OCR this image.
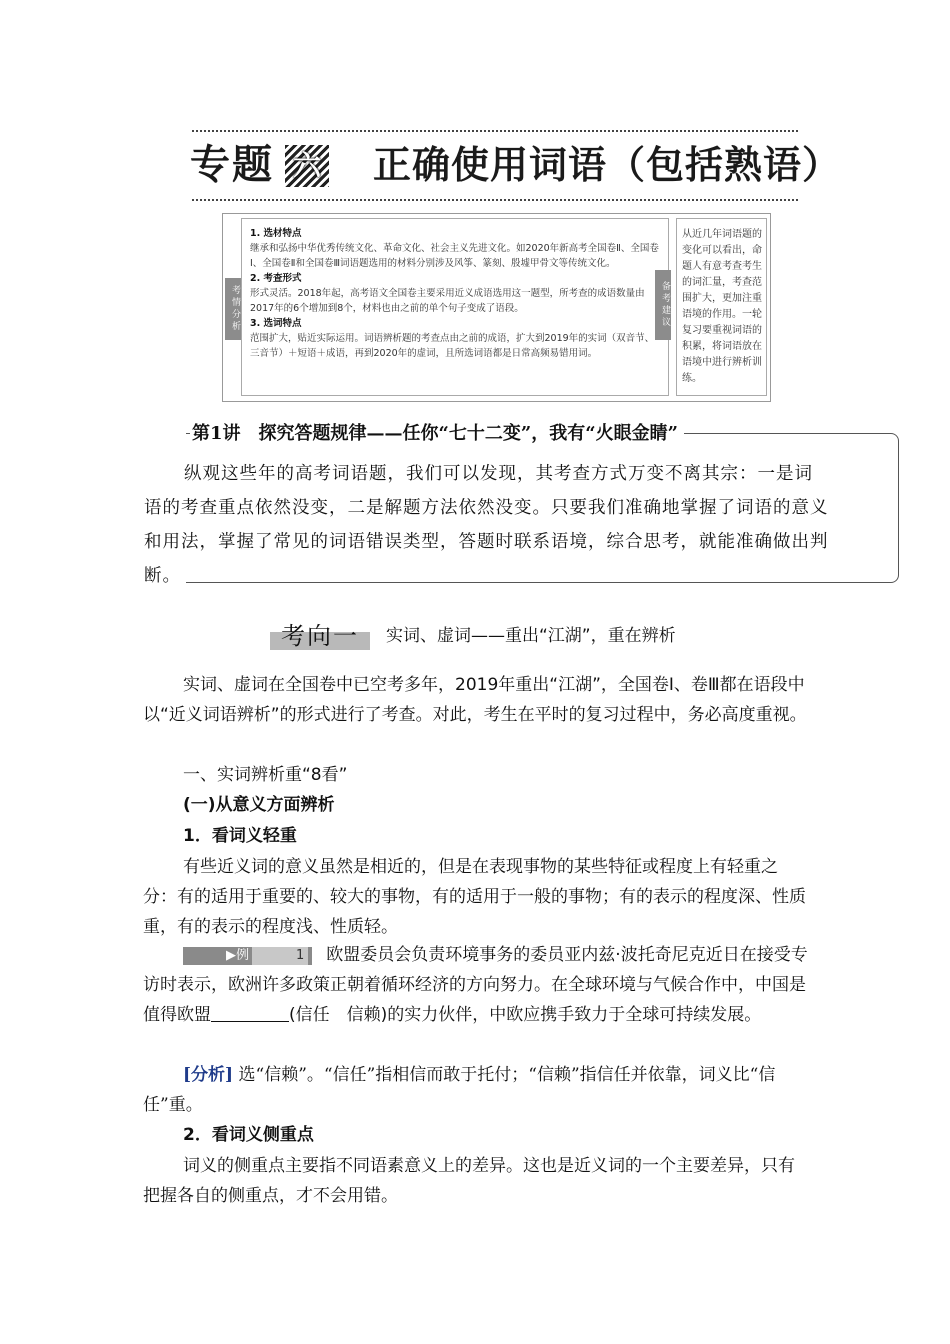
专题 六 正确使用词语（包括熟语）
考情分析
1. 选材特点
继承和弘扬中华优秀传统文化、革命文化、社会主义先进文化。如2020年新高考全国卷Ⅱ、全国卷Ⅰ、全国卷Ⅱ和全国卷Ⅲ词语题选用的材料分别涉及风筝、篆刻、殷墟甲骨文等传统文化。
2. 考查形式
形式灵活。2018年起，高考语文全国卷主要采用近义成语选用这一题型，所考查的成语数量由2017年的6个增加到8个，材料也由之前的单个句子变成了语段。
3. 选词特点
范围扩大，贴近实际运用。词语辨析题的考查点由之前的成语，扩大到2019年的实词（双音节、三音节）＋短语＋成语，再到2020年的虚词，且所选词语都是日常高频易错用词。
备考建议
从近几年词语题的变化可以看出，命题人有意考查考生的词汇量，考查范围扩大，更加注重语境的作用。一轮复习要重视词语的积累，将词语放在语境中进行辨析训练。
第1讲　探究答题规律——任你“七十二变”，我有“火眼金睛”
纵观这些年的高考词语题，我们可以发现，其考查方式万变不离其宗：一是词语的考查重点依然没变，二是解题方法依然没变。只要我们准确地掌握了词语的意义和用法，掌握了常见的词语错误类型，答题时联系语境，综合思考，就能准确做出判断。
考向一	实词、虚词——重出“江湖”，重在辨析
实词、虚词在全国卷中已空考多年，2019年重出“江湖”，全国卷Ⅰ、卷Ⅲ都在语段中以“近义词语辨析”的形式进行了考查。对此，考生在平时的复习过程中，务必高度重视。
一、实词辨析重“8看”
(一)从意义方面辨析
1．看词义轻重
有些近义词的意义虽然是相近的，但是在表现事物的某些特征或程度上有轻重之分：有的适用于重要的、较大的事物，有的适用于一般的事物；有的表示的程度深、性质重，有的表示的程度浅、性质轻。
▶例	1 欧盟委员会负责环境事务的委员亚内兹·波托奇尼克近日在接受专访时表示，欧洲许多政策正朝着循环经济的方向努力。在全球环境与气候合作中，中国是值得欧盟	(信任　信赖)的实力伙伴，中欧应携手致力于全球可持续发展。
[分析] 选“信赖”。“信任”指相信而敢于托付；“信赖”指信任并依靠，词义比“信任”重。
2．看词义侧重点
词义的侧重点主要指不同语素意义上的差异。这也是近义词的一个主要差异，只有把握各自的侧重点，才不会用错。
